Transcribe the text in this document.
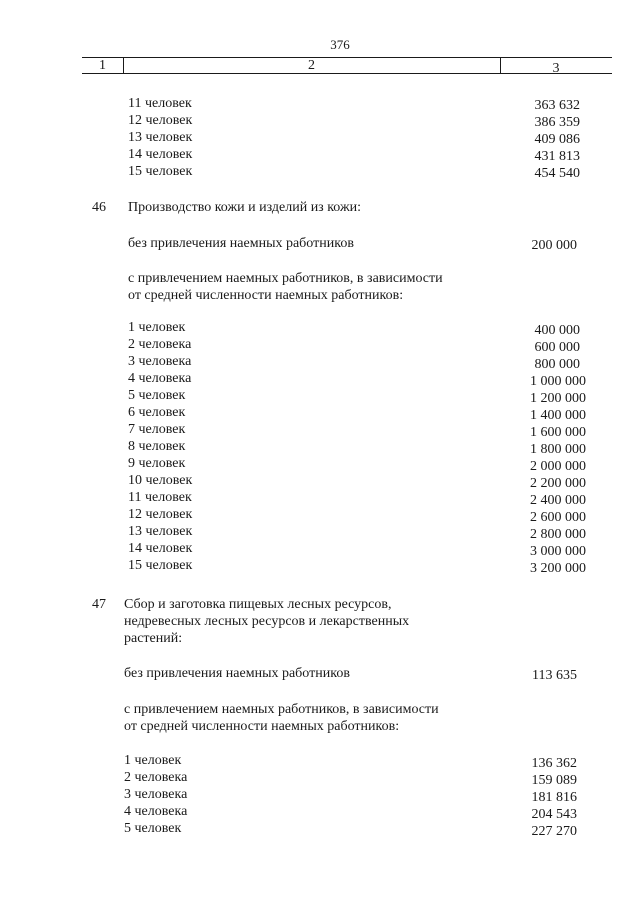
376
1	2	3
11 человек	363 632
12 человек	386 359
13 человек	409 086
14 человек	431 813
15 человек	454 540
46 Производство кожи и изделий из кожи:
без привлечения наемных работников	200 000
с привлечением наемных работников, в зависимости
от средней численности наемных работников:
1 человек	400 000
2 человека	600 000
3 человека	800 000
4 человека	1 000 000
5 человек	1 200 000
6 человек	1 400 000
7 человек	1 600 000
8 человек	1 800 000
9 человек	2 000 000
10 человек	2 200 000
11 человек	2 400 000
12 человек	2 600 000
13 человек	2 800 000
14 человек	3 000 000
15 человек	3 200 000
47 Сбор и заготовка пищевых лесных ресурсов,
недревесных лесных ресурсов и лекарственных
растений:
без привлечения наемных работников	113 635
с привлечением наемных работников, в зависимости
от средней численности наемных работников:
1 человек	136 362
2 человека	159 089
3 человека	181 816
4 человека	204 543
5 человек	227 270
